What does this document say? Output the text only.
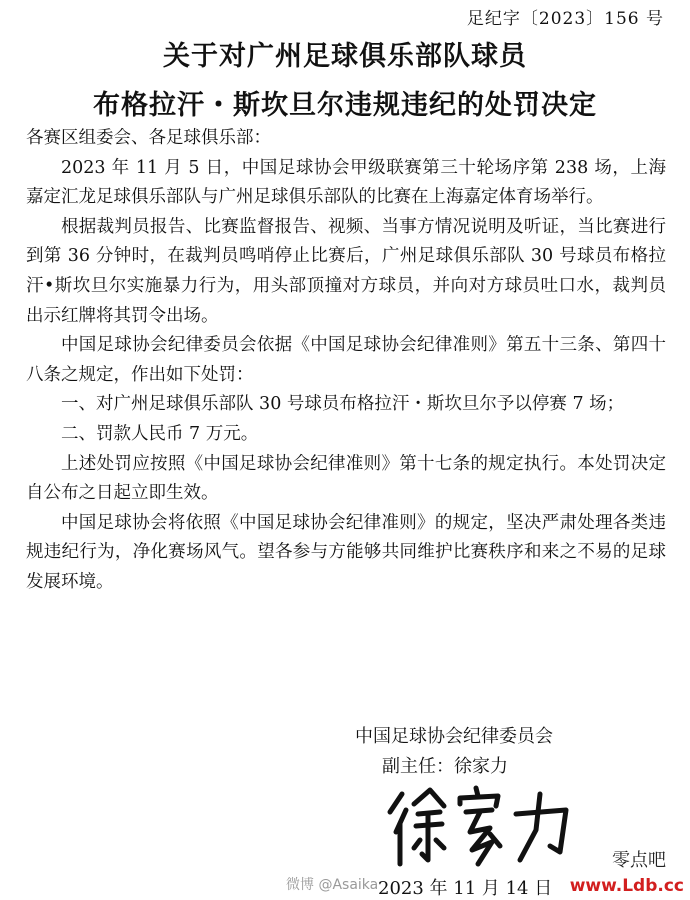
足纪字〔2023〕156 号
关于对广州足球俱乐部队球员
布格拉汗・斯坎旦尔违规违纪的处罚决定

各赛区组委会、各足球俱乐部：

2023 年 11 月 5 日，中国足球协会甲级联赛第三十轮场序第 238 场，上海嘉定汇龙足球俱乐部队与广州足球俱乐部队的比赛在上海嘉定体育场举行。

根据裁判员报告、比赛监督报告、视频、当事方情况说明及听证，当比赛进行到第 36 分钟时，在裁判员鸣哨停止比赛后，广州足球俱乐部队 30 号球员布格拉汗•斯坎旦尔实施暴力行为，用头部顶撞对方球员，并向对方球员吐口水，裁判员出示红牌将其罚令出场。

中国足球协会纪律委员会依据《中国足球协会纪律准则》第五十三条、第四十八条之规定，作出如下处罚：

一、对广州足球俱乐部队 30 号球员布格拉汗・斯坎旦尔予以停赛 7 场；

二、罚款人民币 7 万元。

上述处罚应按照《中国足球协会纪律准则》第十七条的规定执行。本处罚决定自公布之日起立即生效。

中国足球协会将依照《中国足球协会纪律准则》的规定，坚决严肃处理各类违规违纪行为，净化赛场风气。望各参与方能够共同维护比赛秩序和来之不易的足球发展环境。

中国足球协会纪律委员会
副主任：徐家力
微博 @Asaika 2023 年 11 月 14 日
零点吧
www.Ldb.cc
